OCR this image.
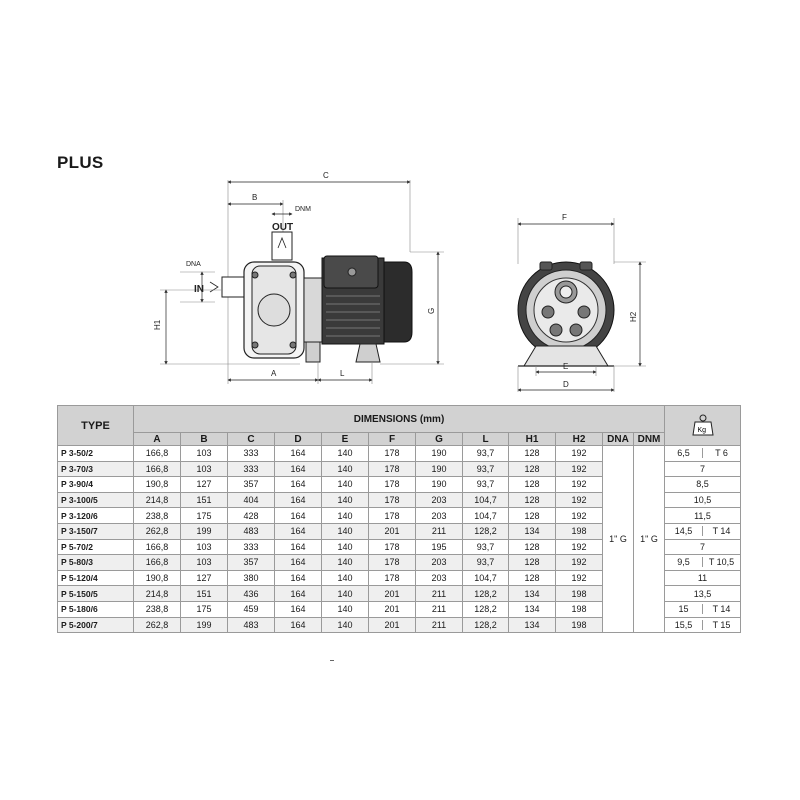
PLUS
C
B
DNM
OUT
DNA
IN
H1
G
A	L
F
H2
E
D
TYPE	DIMENSIONS (mm)												Kg

	A	B	C	D	E	F	G	L	H1	H2	DNA	DNM	
P 3-50/2	166,8	103	333	164	140	178	190	93,7	128	192	1" G	1" G	6,5 T 6

P 3-70/3	166,8	103	333	164	140	178	190	93,7	128	192			7

P 3-90/4	190,8	127	357	164	140	178	190	93,7	128	192			8,5

P 3-100/5	214,8	151	404	164	140	178	203	104,7	128	192			10,5

P 3-120/6	238,8	175	428	164	140	178	203	104,7	128	192			11,5

P 3-150/7	262,8	199	483	164	140	201	211	128,2	134	198			14,5 T 14

P 5-70/2	166,8	103	333	164	140	178	195	93,7	128	192			7

P 5-80/3	166,8	103	357	164	140	178	203	93,7	128	192			9,5 T 10,5

P 5-120/4	190,8	127	380	164	140	178	203	104,7	128	192			11

P 5-150/5	214,8	151	436	164	140	201	211	128,2	134	198			13,5

P 5-180/6	238,8	175	459	164	140	201	211	128,2	134	198			15 T 14

P 5-200/7	262,8	199	483	164	140	201	211	128,2	134	198			15,5 T 15
